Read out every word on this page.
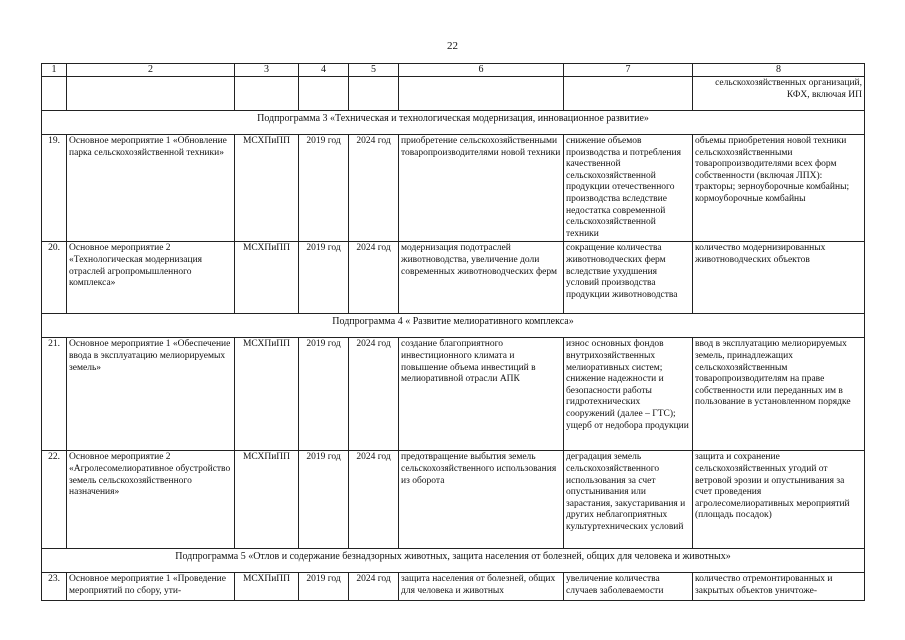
22
1	2	3	4	5	6	7	8
							сельскохозяйственных организаций, КФХ, включая ИП
Подпрограмма 3 «Техническая и технологическая модернизация, инновационное развитие»							
19.	Основное мероприятие 1 «Обновление парка сельскохозяйственной техники»	МСХПиПП	2019 год	2024 год	приобретение сельскохозяйственными товаропроизводителями новой техники	снижение объемов производства и потребления качественной сельскохозяйственной продукции отечественного производства вследствие недостатка современной сельскохозяйственной техники	объемы приобретения новой техники сельскохозяйственными товаропроизводителями всех форм собственности (включая ЛПХ): тракторы; зерноуборочные комбайны; кормоуборочные комбайны
20.	Основное мероприятие 2 «Технологическая модернизация отраслей агропромышленного комплекса»	МСХПиПП	2019 год	2024 год	модернизация подотраслей животноводства, увеличение доли современных животноводческих ферм	сокращение количества животноводческих ферм вследствие ухудшения условий производства продукции животноводства	количество модернизированных животноводческих объектов
Подпрограмма 4 « Развитие мелиоративного комплекса»							
21.	Основное мероприятие 1 «Обеспечение ввода в эксплуатацию мелиорируемых земель»	МСХПиПП	2019 год	2024 год	создание благоприятного инвестиционного климата и повышение объема инвестиций в мелиоративной отрасли АПК	износ основных фондов внутрихозяйственных мелиоративных систем; снижение надежности и безопасности работы гидротехнических сооружений (далее – ГТС); ущерб от недобора продукции	ввод в эксплуатацию мелиорируемых земель, принадлежащих сельскохозяйственным товаропроизводителям на праве собственности или переданных им в пользование в установленном порядке
22.	Основное мероприятие 2 «Агролесомелиоративное обустройство земель сельскохозяйственного назначения»	МСХПиПП	2019 год	2024 год	предотвращение выбытия земель сельскохозяйственного использования из оборота	деградация земель сельскохозяйственного использования за счет опустынивания или зарастания, закустаривания и других неблагоприятных культуртехнических условий	защита и сохранение сельскохозяйственных угодий от ветровой эрозии и опустынивания за счет проведения агролесомелиоративных мероприятий (площадь посадок)
Подпрограмма 5 «Отлов и содержание безнадзорных животных, защита населения от болезней, общих для человека и животных»							
23.	Основное мероприятие 1 «Проведение мероприятий по сбору, ути-	МСХПиПП	2019 год	2024 год	защита населения от болезней, общих для человека и животных	увеличение количества случаев заболеваемости	количество отремонтированных и закрытых объектов уничтоже-
